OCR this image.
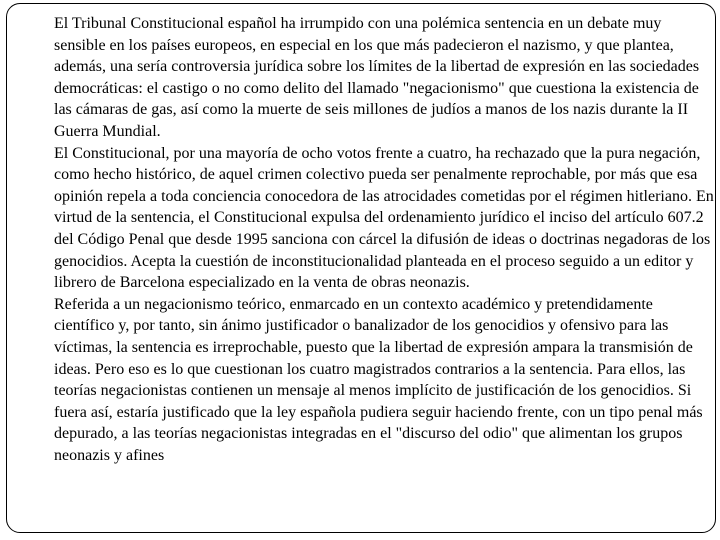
El Tribunal Constitucional español ha irrumpido con una polémica sentencia en un debate muy sensible en los países europeos, en especial en los que más padecieron el nazismo, y que plantea, además, una sería controversia jurídica sobre los límites de la libertad de expresión en las sociedades democráticas: el castigo o no como delito del llamado "negacionismo" que cuestiona la existencia de las cámaras de gas, así como la muerte de seis millones de judíos a manos de los nazis durante la II Guerra Mundial.

El Constitucional, por una mayoría de ocho votos frente a cuatro, ha rechazado que la pura negación, como hecho histórico, de aquel crimen colectivo pueda ser penalmente reprochable, por más que esa opinión repela a toda conciencia conocedora de las atrocidades cometidas por el régimen hitleriano. En virtud de la sentencia, el Constitucional expulsa del ordenamiento jurídico el inciso del artículo 607.2 del Código Penal que desde 1995 sanciona con cárcel la difusión de ideas o doctrinas negadoras de los genocidios. Acepta la cuestión de inconstitucionalidad planteada en el proceso seguido a un editor y librero de Barcelona especializado en la venta de obras neonazis.

Referida a un negacionismo teórico, enmarcado en un contexto académico y pretendidamente científico y, por tanto, sin ánimo justificador o banalizador de los genocidios y ofensivo para las víctimas, la sentencia es irreprochable, puesto que la libertad de expresión ampara la transmisión de ideas. Pero eso es lo que cuestionan los cuatro magistrados contrarios a la sentencia. Para ellos, las teorías negacionistas contienen un mensaje al menos implícito de justificación de los genocidios. Si fuera así, estaría justificado que la ley española pudiera seguir haciendo frente, con un tipo penal más depurado, a las teorías negacionistas integradas en el "discurso del odio" que alimentan los grupos neonazis y afines
